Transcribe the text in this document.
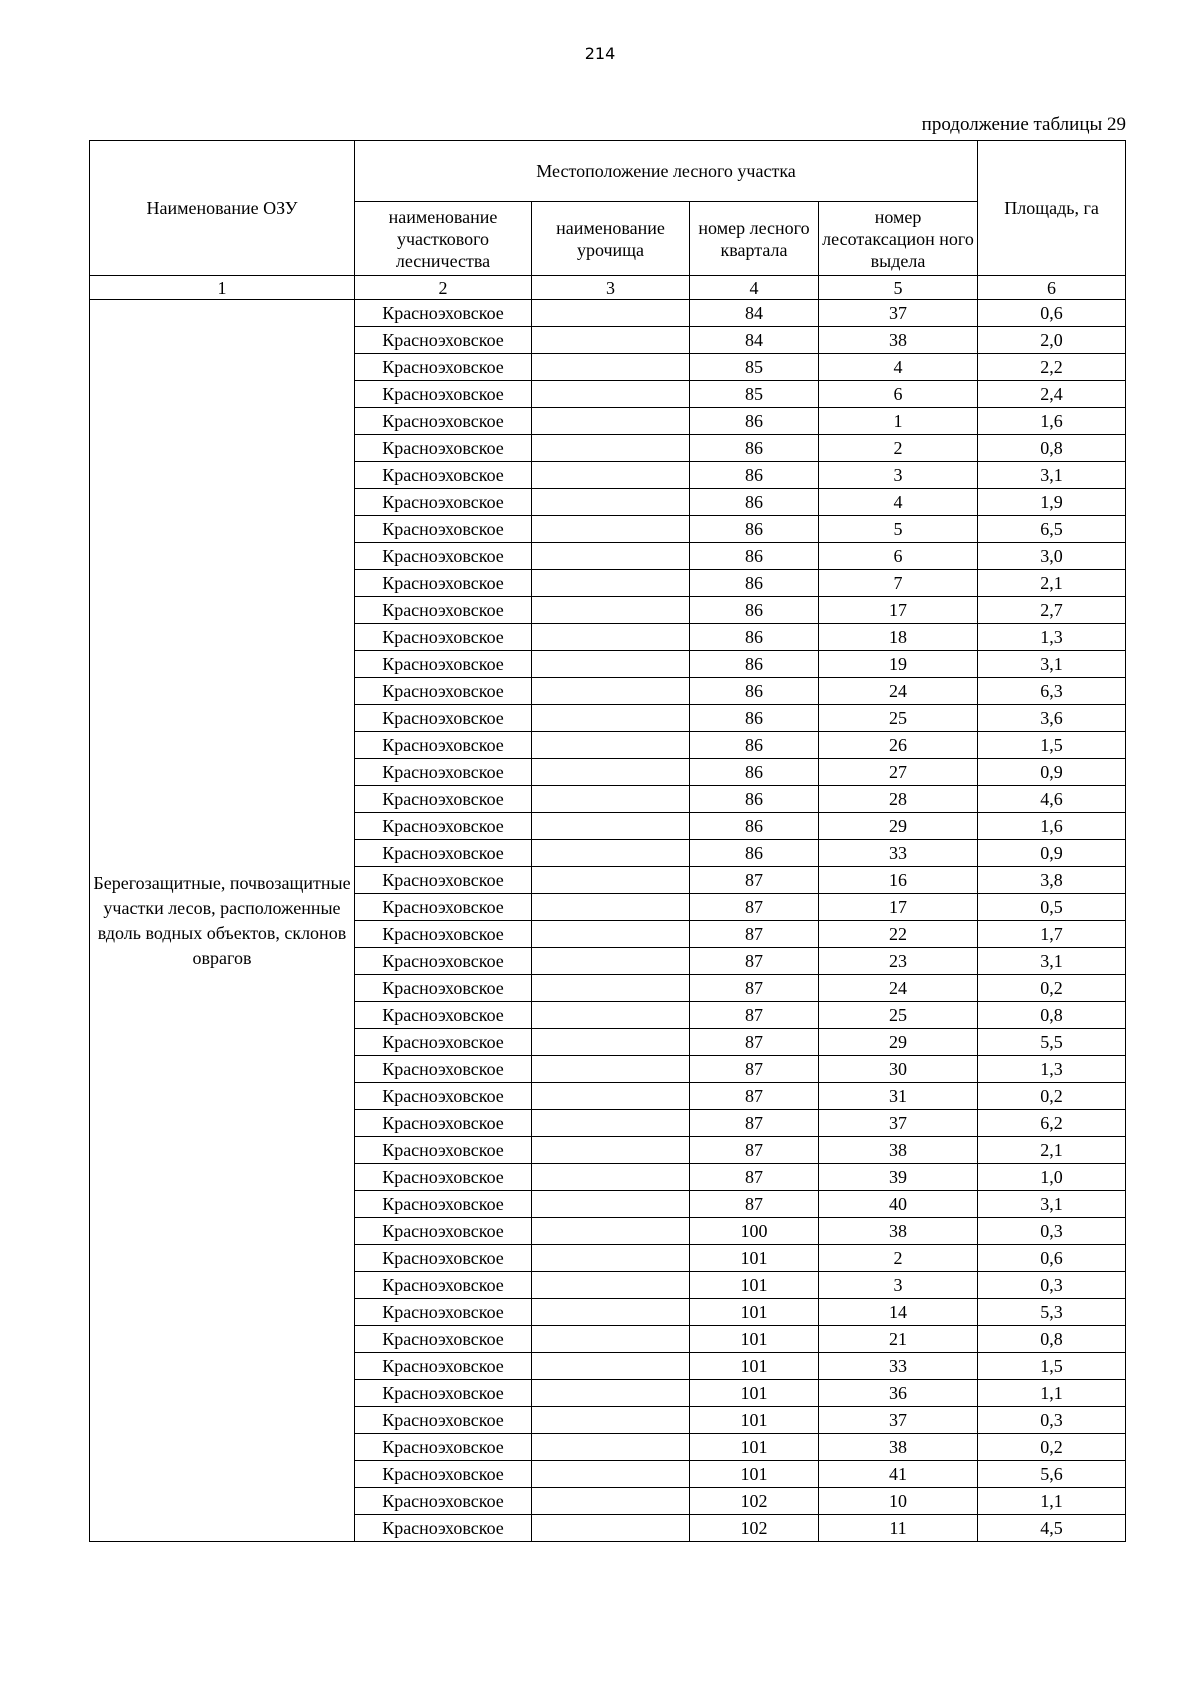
214
продолжение таблицы 29
Наименование ОЗУ	Местоположение лесного участка				Площадь, га
	наименование участкового лесничества	наименование урочища	номер лесного квартала	номер лесотаксацион ного выдела	
1	2	3	4	5	6
Берегозащитные, почвозащитные участки лесов, расположенные вдоль водных объектов, склонов оврагов	Красноэховское		84	37	0,6
	Красноэховское		84	38	2,0
	Красноэховское		85	4	2,2
	Красноэховское		85	6	2,4
	Красноэховское		86	1	1,6
	Красноэховское		86	2	0,8
	Красноэховское		86	3	3,1
	Красноэховское		86	4	1,9
	Красноэховское		86	5	6,5
	Красноэховское		86	6	3,0
	Красноэховское		86	7	2,1
	Красноэховское		86	17	2,7
	Красноэховское		86	18	1,3
	Красноэховское		86	19	3,1
	Красноэховское		86	24	6,3
	Красноэховское		86	25	3,6
	Красноэховское		86	26	1,5
	Красноэховское		86	27	0,9
	Красноэховское		86	28	4,6
	Красноэховское		86	29	1,6
	Красноэховское		86	33	0,9
	Красноэховское		87	16	3,8
	Красноэховское		87	17	0,5
	Красноэховское		87	22	1,7
	Красноэховское		87	23	3,1
	Красноэховское		87	24	0,2
	Красноэховское		87	25	0,8
	Красноэховское		87	29	5,5
	Красноэховское		87	30	1,3
	Красноэховское		87	31	0,2
	Красноэховское		87	37	6,2
	Красноэховское		87	38	2,1
	Красноэховское		87	39	1,0
	Красноэховское		87	40	3,1
	Красноэховское		100	38	0,3
	Красноэховское		101	2	0,6
	Красноэховское		101	3	0,3
	Красноэховское		101	14	5,3
	Красноэховское		101	21	0,8
	Красноэховское		101	33	1,5
	Красноэховское		101	36	1,1
	Красноэховское		101	37	0,3
	Красноэховское		101	38	0,2
	Красноэховское		101	41	5,6
	Красноэховское		102	10	1,1
	Красноэховское		102	11	4,5
